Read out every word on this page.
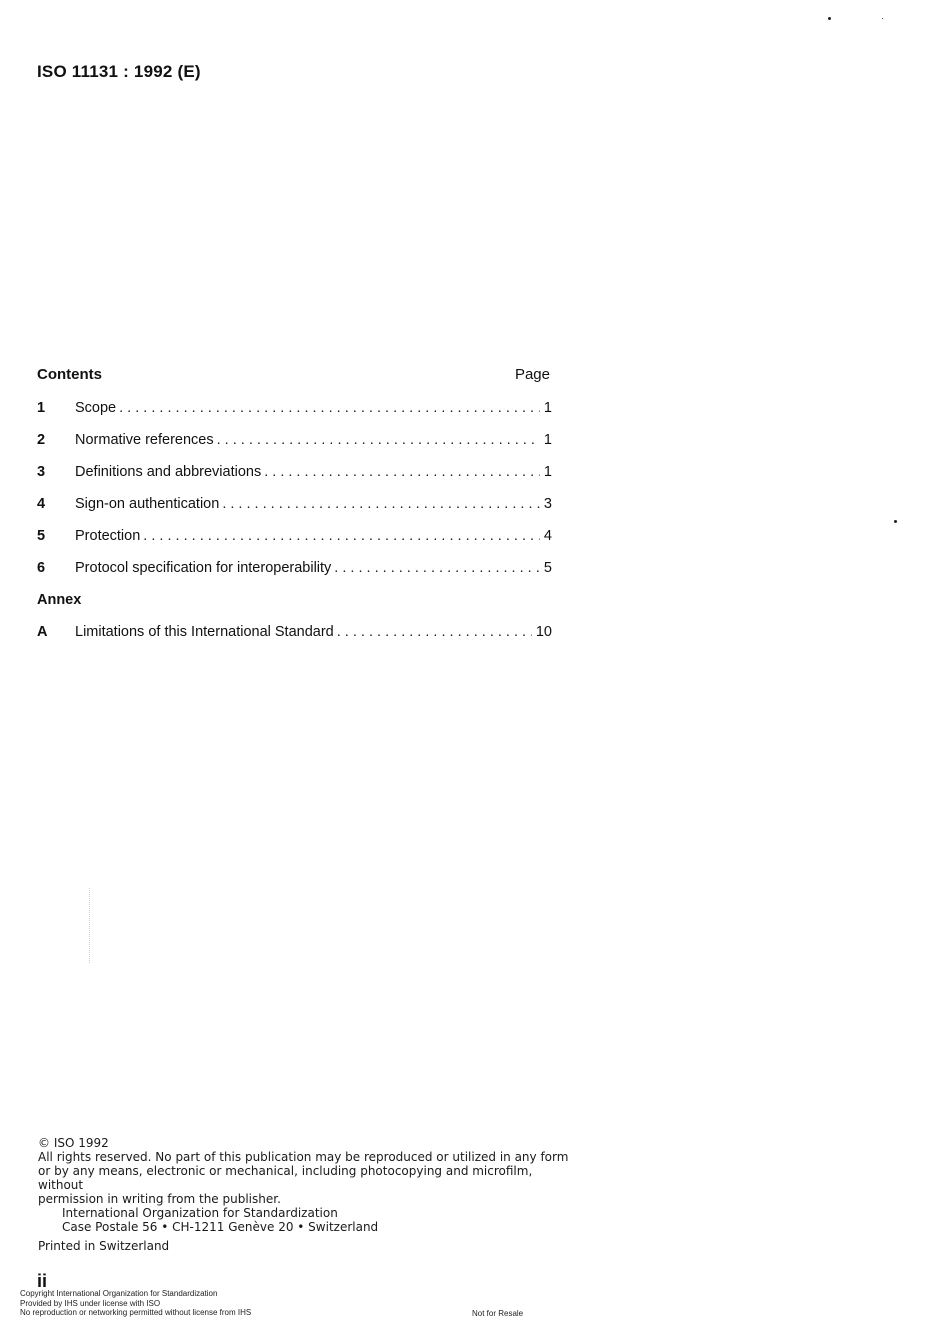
ISO 11131 : 1992 (E)
Contents	Page
1	Scope . . .	1
2	Normative references . . .	1
3	Definitions and abbreviations . . .	1
4	Sign-on authentication . . .	3
5	Protection . . .	4
6	Protocol specification for interoperability . . .	5
Annex
A	Limitations of this International Standard . . .	10

© ISO 1992

All rights reserved. No part of this publication may be reproduced or utilized in any form

or by any means, electronic or mechanical, including photocopying and microfilm, without

permission in writing from the publisher.

International Organization for Standardization

Case Postale 56 • CH-1211 Genève 20 • Switzerland

Printed in Switzerland

ii
Copyright International Organization for Standardization
Provided by IHS under license with ISO
No reproduction or networking permitted without license from IHS	Not for Resale
